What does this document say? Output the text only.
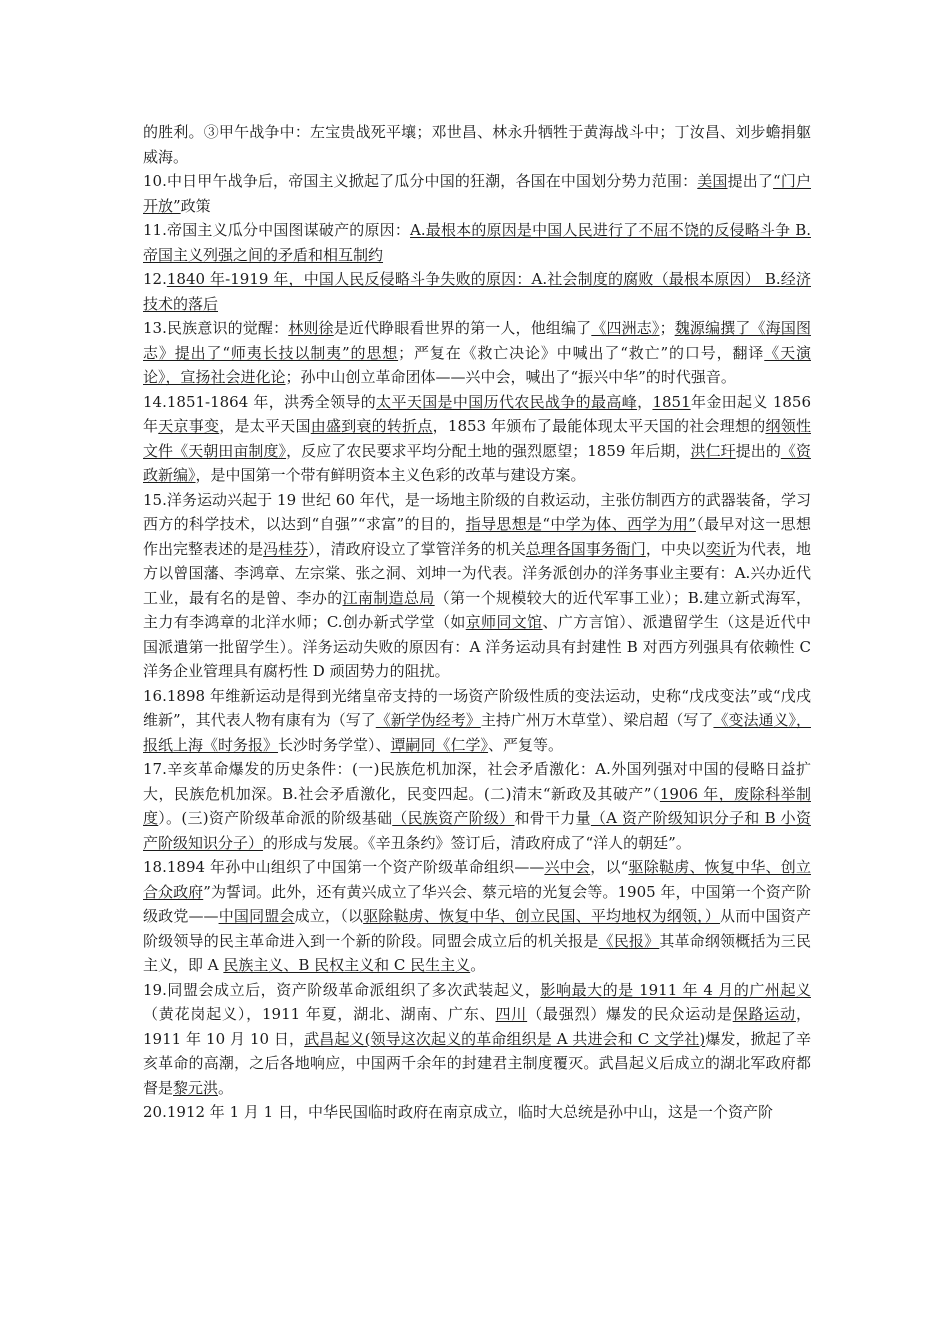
的胜利。③甲午战争中：左宝贵战死平壤；邓世昌、林永升牺牲于黄海战斗中；丁汝昌、刘步蟾捐躯威海。

10.中日甲午战争后，帝国主义掀起了瓜分中国的狂潮，各国在中国划分势力范围：美国提出了“门户开放”政策

11.帝国主义瓜分中国图谋破产的原因：A.最根本的原因是中国人民进行了不屈不饶的反侵略斗争 B.帝国主义列强之间的矛盾和相互制约

12.1840 年-1919 年，中国人民反侵略斗争失败的原因：A.社会制度的腐败（最根本原因） B.经济技术的落后

13.民族意识的觉醒：林则徐是近代睁眼看世界的第一人，他组编了《四洲志》；魏源编撰了《海国图志》提出了“师夷长技以制夷”的思想；严复在《救亡决论》中喊出了“救亡”的口号，翻译《天演论》，宣扬社会进化论；孙中山创立革命团体——兴中会，喊出了“振兴中华”的时代强音。

14.1851-1864 年，洪秀全领导的太平天国是中国历代农民战争的最高峰，1851年金田起义 1856 年天京事变，是太平天国由盛到衰的转折点，1853 年颁布了最能体现太平天国的社会理想的纲领性文件《天朝田亩制度》，反应了农民要求平均分配土地的强烈愿望；1859 年后期，洪仁玕提出的《资政新编》，是中国第一个带有鲜明资本主义色彩的改革与建设方案。

15.洋务运动兴起于 19 世纪 60 年代，是一场地主阶级的自救运动，主张仿制西方的武器装备，学习西方的科学技术，以达到“自强”“求富”的目的，指导思想是“中学为体、西学为用”（最早对这一思想作出完整表述的是冯桂芬），清政府设立了掌管洋务的机关总理各国事务衙门，中央以奕䜣为代表，地方以曾国藩、李鸿章、左宗棠、张之洞、刘坤一为代表。洋务派创办的洋务事业主要有：A.兴办近代工业，最有名的是曾、李办的江南制造总局（第一个规模较大的近代军事工业）；B.建立新式海军，主力有李鸿章的北洋水师；C.创办新式学堂（如京师同文馆、广方言馆）、派遣留学生（这是近代中国派遣第一批留学生）。洋务运动失败的原因有：A 洋务运动具有封建性 B 对西方列强具有依赖性 C 洋务企业管理具有腐朽性 D 顽固势力的阻扰。

16.1898 年维新运动是得到光绪皇帝支持的一场资产阶级性质的变法运动，史称“戊戌变法”或“戊戌维新”，其代表人物有康有为（写了《新学伪经考》主持广州万木草堂）、梁启超（写了《变法通义》，报纸上海《时务报》长沙时务学堂）、谭嗣同《仁学》、严复等。

17.辛亥革命爆发的历史条件：(一)民族危机加深，社会矛盾激化：A.外国列强对中国的侵略日益扩大，民族危机加深。B.社会矛盾激化，民变四起。(二)清末“新政及其破产”（1906 年，废除科举制度）。(三)资产阶级革命派的阶级基础（民族资产阶级）和骨干力量（A 资产阶级知识分子和 B 小资产阶级知识分子）的形成与发展。《辛丑条约》签订后，清政府成了“洋人的朝廷”。

18.1894 年孙中山组织了中国第一个资产阶级革命组织——兴中会，以“驱除鞑虏、恢复中华、创立合众政府”为誓词。此外，还有黄兴成立了华兴会、蔡元培的光复会等。1905 年，中国第一个资产阶级政党——中国同盟会成立，（以驱除鞑虏、恢复中华、创立民国、平均地权为纲领，）从而中国资产阶级领导的民主革命进入到一个新的阶段。同盟会成立后的机关报是《民报》其革命纲领概括为三民主义，即 A 民族主义、B 民权主义和 C 民生主义。

19.同盟会成立后，资产阶级革命派组织了多次武装起义，影响最大的是 1911 年 4 月的广州起义（黄花岗起义），1911 年夏，湖北、湖南、广东、四川（最强烈）爆发的民众运动是保路运动，1911 年 10 月 10 日，武昌起义(领导这次起义的革命组织是 A 共进会和 C 文学社)爆发，掀起了辛亥革命的高潮，之后各地响应，中国两千余年的封建君主制度覆灭。武昌起义后成立的湖北军政府都督是黎元洪。

20.1912 年 1 月 1 日，中华民国临时政府在南京成立，临时大总统是孙中山，这是一个资产阶
